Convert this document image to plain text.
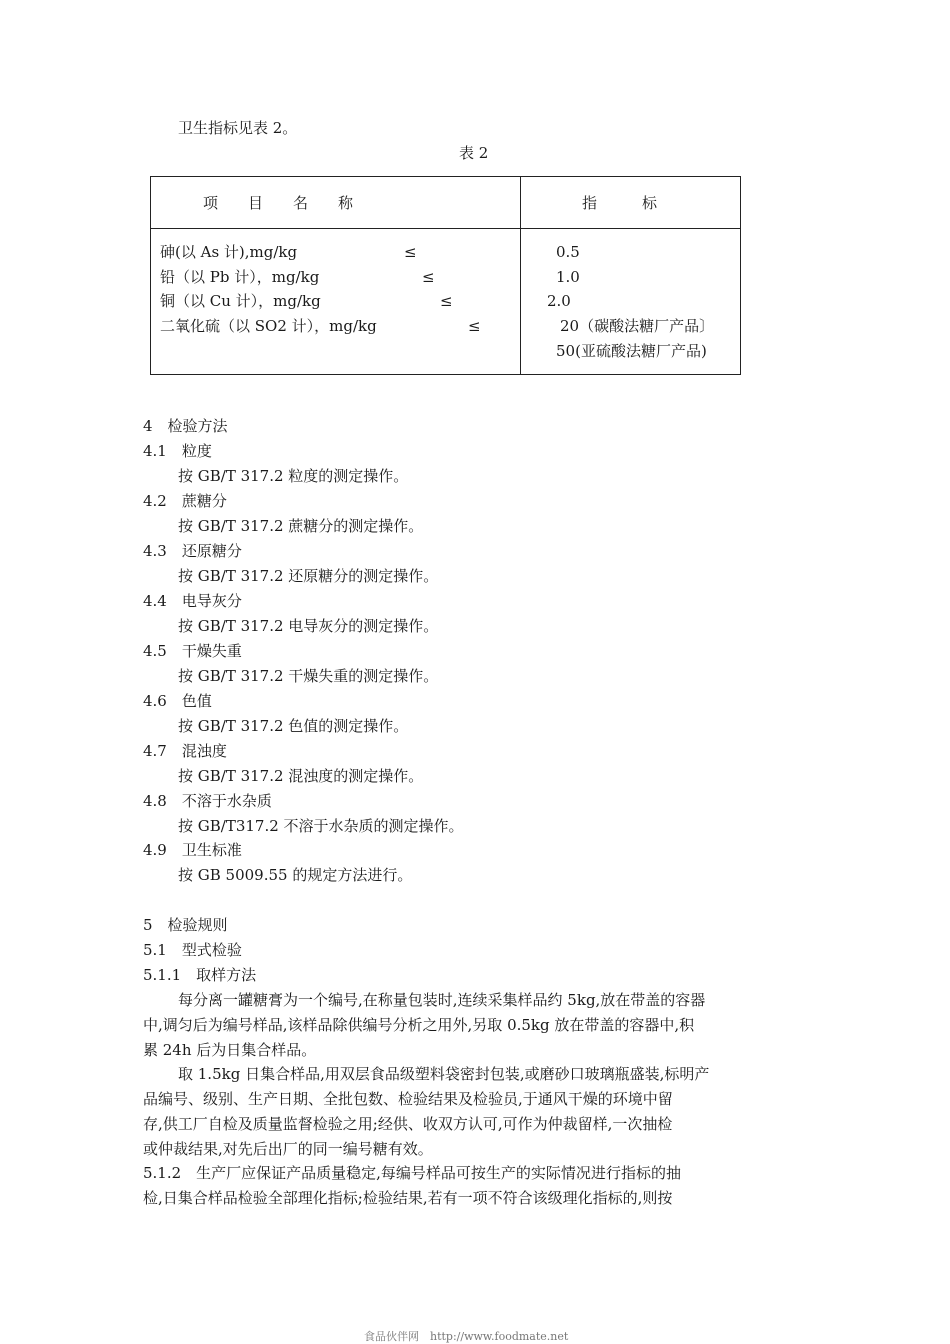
卫生指标见表 2。
表 2
项　　目　　名　　称	指　　　标
砷(以 As 计),mg/kg	≤	0.5
铅（以 Pb 计），mg/kg	≤	1.0
铜（以 Cu 计），mg/kg	≤	2.0
二氧化硫（以 SO2 计），mg/kg	≤	20（碳酸法糖厂产品〕
50(亚硫酸法糖厂产品)
4　检验方法
4.1　粒度
按 GB/T 317.2 粒度的测定操作。
4.2　蔗糖分
按 GB/T 317.2 蔗糖分的测定操作。
4.3　还原糖分
按 GB/T 317.2 还原糖分的测定操作。
4.4　电导灰分
按 GB/T 317.2 电导灰分的测定操作。
4.5　干燥失重
按 GB/T 317.2 干燥失重的测定操作。
4.6　色值
按 GB/T 317.2 色值的测定操作。
4.7　混浊度
按 GB/T 317.2 混浊度的测定操作。
4.8　不溶于水杂质
按 GB/T317.2 不溶于水杂质的测定操作。
4.9　卫生标准
按 GB 5009.55 的规定方法进行。
5　检验规则
5.1　型式检验
5.1.1　取样方法
每分离一罐糖膏为一个编号,在称量包装时,连续采集样品约 5kg,放在带盖的容器
中,调匀后为编号样品,该样品除供编号分析之用外,另取 0.5kg 放在带盖的容器中,积
累 24h 后为日集合样品。
取 1.5kg 日集合样品,用双层食品级塑料袋密封包装,或磨砂口玻璃瓶盛装,标明产
品编号、级别、生产日期、全批包数、检验结果及检验员,于通风干燥的环境中留
存,供工厂自检及质量监督检验之用;经供、收双方认可,可作为仲裁留样,一次抽检
或仲裁结果,对先后出厂的同一编号糖有效。
5.1.2　生产厂应保证产品质量稳定,每编号样品可按生产的实际情况进行指标的抽
检,日集合样品检验全部理化指标;检验结果,若有一项不符合该级理化指标的,则按
食品伙伴网　http://www.foodmate.net
